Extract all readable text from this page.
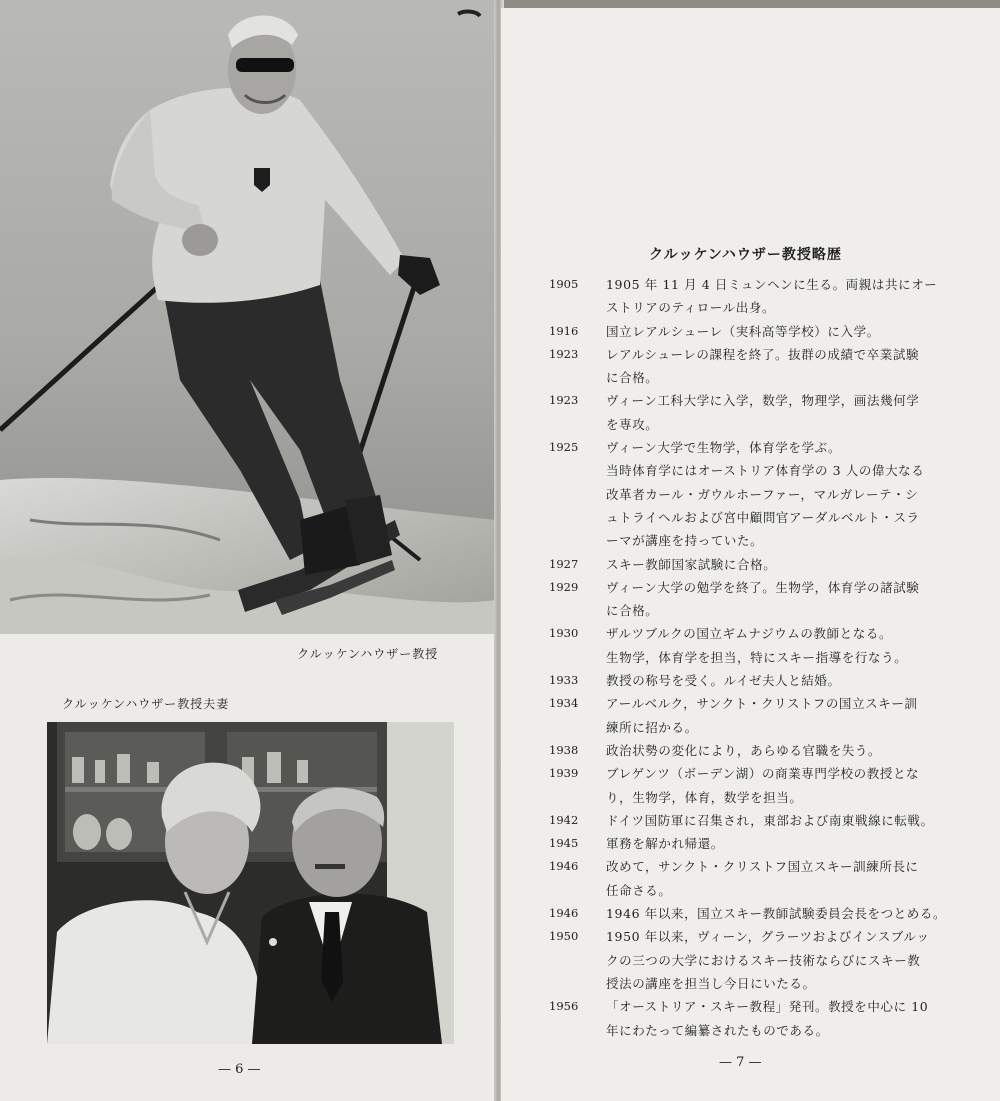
クルッケンハウザー教授
クルッケンハウザー教授夫妻
— 6 —
クルッケンハウザー教授略歴
1905	1905 年 11 月 4 日ミュンヘンに生る。両親は共にオー
ストリアのティロール出身。
1916	国立レアルシューレ（実科高等学校）に入学。
1923	レアルシューレの課程を終了。抜群の成績で卒業試験
に合格。
1923	ヴィーン工科大学に入学，数学，物理学，画法幾何学
を専攻。
1925	ヴィーン大学で生物学，体育学を学ぶ。
当時体育学にはオーストリア体育学の 3 人の偉大なる
改革者カール・ガウルホーファー，マルガレーテ・シ
ュトライヘルおよび宮中顧問官アーダルベルト・スラ
ーマが講座を持っていた。
1927	スキー教師国家試験に合格。
1929	ヴィーン大学の勉学を終了。生物学，体育学の諸試験
に合格。
1930	ザルツブルクの国立ギムナジウムの教師となる。
生物学，体育学を担当，特にスキー指導を行なう。
1933	教授の称号を受く。ルイゼ夫人と結婚。
1934	アールベルク，サンクト・クリストフの国立スキー訓
練所に招かる。
1938	政治状勢の変化により，あらゆる官職を失う。
1939	ブレゲンツ（ボーデン湖）の商業専門学校の教授とな
り，生物学，体育，数学を担当。
1942	ドイツ国防軍に召集され，東部および南東戦線に転戦。
1945	軍務を解かれ帰還。
1946	改めて，サンクト・クリストフ国立スキー訓練所長に
任命さる。
1946	1946 年以来，国立スキー教師試験委員会長をつとめる。
1950	1950 年以来，ヴィーン，グラーツおよびインスブルッ
クの三つの大学におけるスキー技術ならびにスキー教
授法の講座を担当し今日にいたる。
1956	「オーストリア・スキー教程」発刊。教授を中心に 10
年にわたって編纂されたものである。
— 7 —
